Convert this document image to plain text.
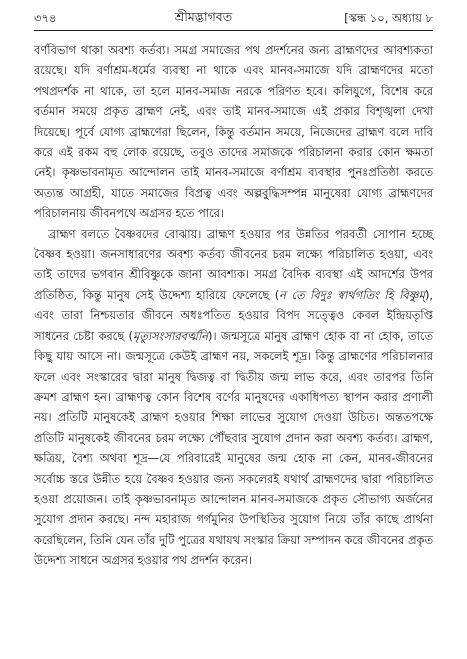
৩৭৪	শ্রীমদ্ভাগবত	[স্কন্ধ ১০, অধ্যায় ৮

বর্ণবিভাগ থাকা অবশ্য কর্তব্য। সমগ্র সমাজের পথ প্রদর্শনের জন্য ব্রাহ্মণদের আবশ্যকতা রয়েছে। যদি বর্ণাশ্রম-ধর্মের ব্যবস্থা না থাকে এবং মানব-সমাজে যদি ব্রাহ্মণদের মতো পথপ্রদর্শক না থাকে, তা হলে মানব-সমাজ নরকে পরিণত হবে। কলিযুগে, বিশেষ করে বর্তমান সময়ে প্রকৃত ব্রাহ্মণ নেই, এবং তাই মানব-সমাজে এই প্রকার বিশৃঙ্খলা দেখা দিয়েছে। পূর্বে যোগ্য ব্রাহ্মণেরা ছিলেন, কিন্তু বর্তমান সময়ে, নিজেদের ব্রাহ্মণ বলে দাবি করে এই রকম বহু লোক রয়েছে, তবুও তাদের সমাজকে পরিচালনা করার কোন ক্ষমতা নেই। কৃষ্ণভাবনামৃত আন্দোলন তাই মানব-সমাজে বর্ণাশ্রম ব্যবস্থার পুনঃপ্রতিষ্ঠা করতে অত্যন্ত আগ্রহী, যাতে সমাজের বিপ্রত্ব এবং অল্পবুদ্ধিসম্পন্ন মানুষেরা যোগ্য ব্রাহ্মণদের পরিচালনায় জীবনপথে অগ্রসর হতে পারে।

ব্রাহ্মণ বলতে বৈষ্ণবদের বোঝায়। ব্রাহ্মণ হওয়ার পর উন্নতির পরবর্তী সোপান হচ্ছে বৈষ্ণব হওয়া। জনসাধারণের অবশ্য কর্তব্য জীবনের চরম লক্ষ্যে পরিচালিত হওয়া, এবং তাই তাদের ভগবান শ্রীবিষ্ণুকে জানা আবশ্যক। সমগ্র বৈদিক ব্যবস্থা এই আদর্শের উপর প্রতিষ্ঠিত, কিন্তু মানুষ সেই উদ্দেশ্য হারিয়ে ফেলেছে (ন তে বিদুঃ স্বার্থগতিং হি বিষ্ণুম্), এবং তারা নিশ্চয়তার জীবনে অধঃপতিত হওয়ার বিপদ সত্ত্বেও কেবল ইন্দ্রিয়তৃপ্তি সাধনের চেষ্টা করছে (মৃত্যুসংসারবর্ত্মনি)। জন্মসূত্রে মানুষ ব্রাহ্মণ হোক বা না হোক, তাতে কিছু যায় আসে না। জন্মসূত্রে কেউই ব্রাহ্মণ নয়, সকলেই শূদ্র। কিন্তু ব্রাহ্মণের পরিচালনার ফলে এবং সংস্কারের দ্বারা মানুষ দ্বিজত্ব বা দ্বিতীয় জন্ম লাভ করে, এবং তারপর তিনি ক্রমশ ব্রাহ্মণ হন। ব্রাহ্মণত্ব কোন বিশেষ বর্ণের মানুষদের একাধিপত্য স্থাপন করার প্রণালী নয়। প্রতিটি মানুষকেই ব্রাহ্মণ হওয়ার শিক্ষা লাভের সুযোগ দেওয়া উচিত। অন্ততপক্ষে প্রতিটি মানুষকেই জীবনের চরম লক্ষ্যে পৌঁছবার সুযোগ প্রদান করা অবশ্য কর্তব্য। ব্রাহ্মণ, ক্ষত্রিয়, বৈশ্য অথবা শূদ্র—যে পরিবারেই মানুষের জন্ম হোক না কেন, মানব-জীবনের সর্বোচ্চ স্তরে উন্নীত হয়ে বৈষ্ণব হওয়ার জন্য সকলেরই যথার্থ ব্রাহ্মণদের দ্বারা পরিচালিত হওয়া প্রয়োজন। তাই কৃষ্ণভাবনামৃত আন্দোলন মানব-সমাজকে প্রকৃত সৌভাগ্য অর্জনের সুযোগ প্রদান করছে। নন্দ মহারাজ গর্গমুনির উপস্থিতির সুযোগ নিয়ে তাঁর কাছে প্রার্থনা করেছিলেন, তিনি যেন তাঁর দুটি পুত্রের যথাযথ সংস্কার ক্রিয়া সম্পাদন করে জীবনের প্রকৃত উদ্দেশ্য সাধনে অগ্রসর হওয়ার পথ প্রদর্শন করেন।
